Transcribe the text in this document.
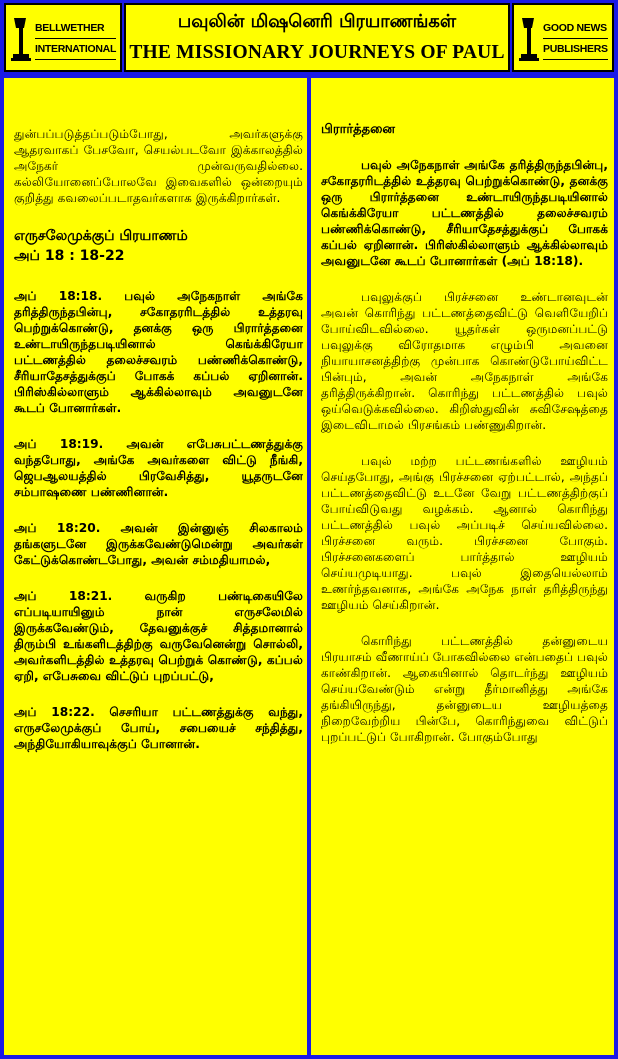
BELLWETHER
INTERNATIONAL
பவுலின் மிஷனெரி பிரயாணங்கள்
THE MISSIONARY JOURNEYS OF PAUL
GOOD NEWS
PUBLISHERS

துன்பப்படுத்தப்படும்போது, அவர்களுக்கு ஆதரவாகப் பேசவோ, செயல்படவோ இக்காலத்தில் அநேகர் முன்வருவதில்லை. கல்லியோனைப்போலவே இவைகளில் ஒன்றையும் குறித்து கவலைப்படாதவர்களாக இருக்கிறார்கள்.

எருசலேமுக்குப் பிரயாணம்
அப் 18 : 18-22

அப் 18:18. பவுல் அநேகநாள் அங்கே தரித்திருந்தபின்பு, சகோதரரிடத்தில் உத்தரவு பெற்றுக்கொண்டு, தனக்கு ஒரு பிரார்த்தனை உண்டாயிருந்தபடியினால் கெங்க்கிரேயா பட்டணத்தில் தலைச்சவரம் பண்ணிக்கொண்டு, சீரியாதேசத்துக்குப் போகக் கப்பல் ஏறினான். பிரிஸ்கில்லாளும் ஆக்கில்லாவும் அவனுடனே கூடப் போனார்கள்.

அப் 18:19. அவன் எபேசுபட்டணத்துக்கு வந்தபோது, அங்கே அவர்களை விட்டு நீங்கி, ஜெபஆலயத்தில் பிரவேசித்து, யூதருடனே சம்பாஷணை பண்ணினான்.

அப் 18:20. அவன் இன்னுஞ் சிலகாலம் தங்களுடனே இருக்கவேண்டுமென்று அவர்கள் கேட்டுக்கொண்டபோது, அவன் சம்மதியாமல்,

அப் 18:21. வருகிற பண்டிகையிலே எப்படியாயினும் நான் எருசலேமில் இருக்கவேண்டும், தேவனுக்குச் சித்தமானால் திரும்பி உங்களிடத்திற்கு வருவேனென்று சொல்லி, அவர்களிடத்தில் உத்தரவு பெற்றுக் கொண்டு, கப்பல் ஏறி, எபேசுவை விட்டுப் புறப்பட்டு,

அப் 18:22. செசரியா பட்டணத்துக்கு வந்து, எருசலேமுக்குப் போய், சபையைச் சந்தித்து, அந்தியோகியாவுக்குப் போனான்.

பிரார்த்தனை

பவுல் அநேகநாள் அங்கே தரித்திருந்தபின்பு, சகோதரரிடத்தில் உத்தரவு பெற்றுக்கொண்டு, தனக்கு ஒரு பிரார்த்தனை உண்டாயிருந்தபடியினால் கெங்க்கிரேயா பட்டணத்தில் தலைச்சவரம் பண்ணிக்கொண்டு, சீரியாதேசத்துக்குப் போகக் கப்பல் ஏறினான். பிரிஸ்கில்லாளும் ஆக்கில்லாவும் அவனுடனே கூடப் போனார்கள் (அப் 18:18).

பவுலுக்குப் பிரச்சனை உண்டானவுடன் அவன் கொரிந்து பட்டணத்தைவிட்டு வெளியேறிப் போய்விடவில்லை. யூதர்கள் ஒருமனப்பட்டு பவுலுக்கு விரோதமாக எழும்பி அவனை நியாயாசனத்திற்கு முன்பாக கொண்டுபோய்விட்ட பின்பும், அவன் அநேகநாள் அங்கே தரித்திருக்கிறான். கொரிந்து பட்டணத்தில் பவுல் ஒய்வெடுக்கவில்லை. கிறிஸ்துவின் சுவிசேஷத்தை இடைவிடாமல் பிரசங்கம் பண்ணுகிறான்.

பவுல் மற்ற பட்டணங்களில் ஊழியம் செய்தபோது, அங்கு பிரச்சனை ஏற்பட்டால், அந்தப் பட்டணத்தைவிட்டு உடனே வேறு பட்டணத்திற்குப் போய்விடுவது வழக்கம். ஆனால் கொரிந்து பட்டணத்தில் பவுல் அப்படிச் செய்யவில்லை. பிரச்சனை வரும். பிரச்சனை போகும். பிரச்சனைகளைப் பார்த்தால் ஊழியம் செய்யமுடியாது. பவுல் இதையெல்லாம் உணர்ந்தவனாக, அங்கே அநேக நாள் தரித்திருந்து ஊழியம் செய்கிறான்.

கொரிந்து பட்டணத்தில் தன்னுடைய பிரயாசம் வீணாய்ப் போகவில்லை என்பதைப் பவுல் காண்கிறான். ஆகையினால் தொடர்ந்து ஊழியம் செய்யவேண்டும் என்று தீர்மானித்து அங்கே தங்கியிருந்து, தன்னுடைய ஊழியத்தை நிறைவேற்றிய பின்பே, கொரிந்துவை விட்டுப் புறப்பட்டுப் போகிறான். போகும்போது
